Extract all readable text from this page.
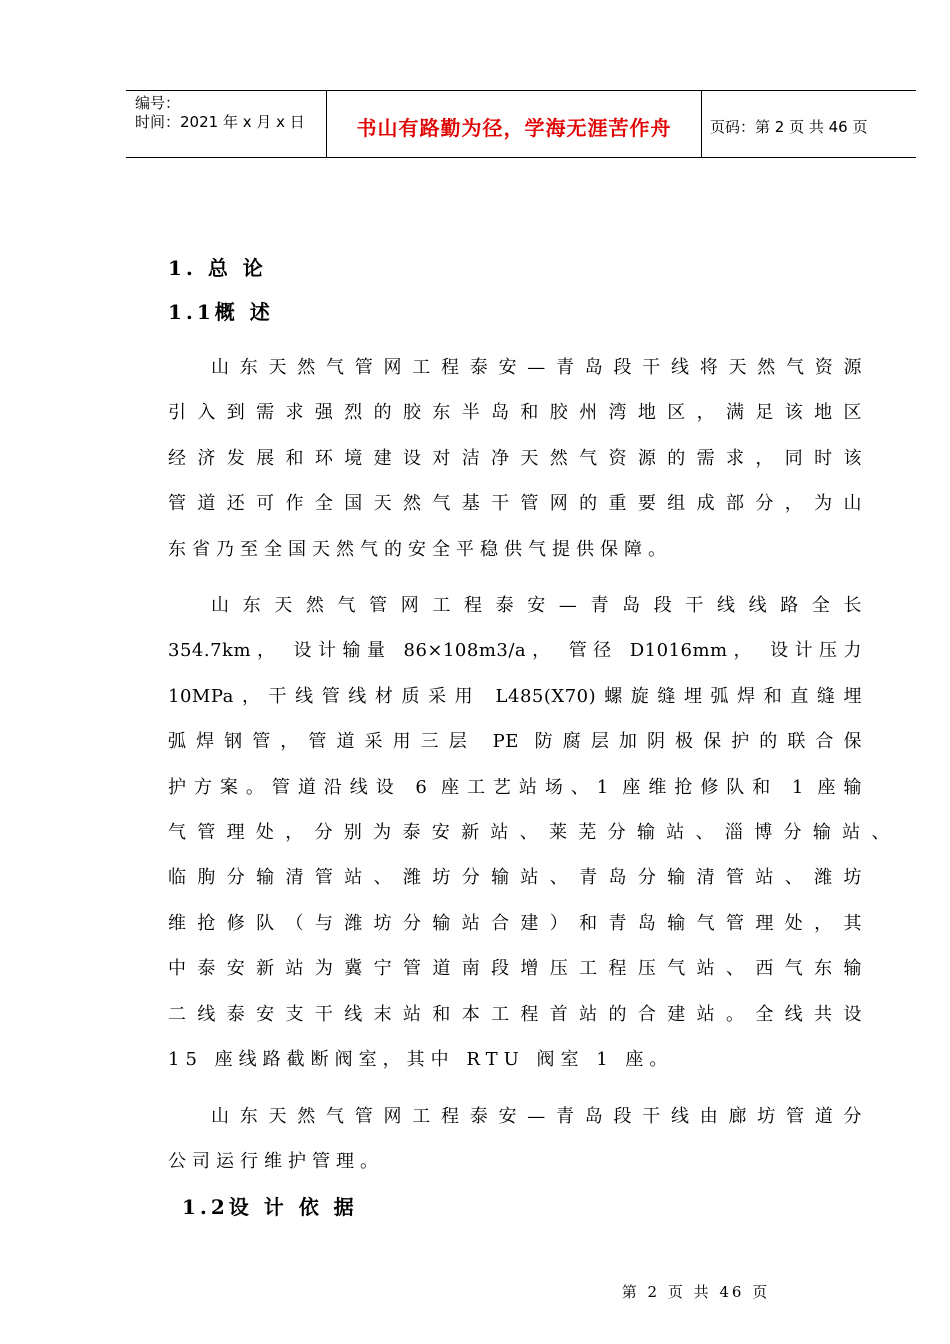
编号：
时间：2021 年 x 月 x 日	书山有路勤为径，学海无涯苦作舟	页码：第 2 页 共 46 页
1. 总 论
1.1概 述
山东天然气管网工程泰安—青岛段干线将天然气资源
引入到需求强烈的胶东半岛和胶州湾地区，满足该地区
经济发展和环境建设对洁净天然气资源的需求，同时该
管道还可作全国天然气基干管网的重要组成部分，为山
东省乃至全国天然气的安全平稳供气提供保障。
山东天然气管网工程泰安—青岛段干线线路全长
354.7km， 设计输量 86×108m3/a， 管径 D1016mm， 设计压力
10MPa，干线管线材质采用 L485(X70)螺旋缝埋弧焊和直缝埋
弧焊钢管，管道采用三层 PE 防腐层加阴极保护的联合保
护方案。管道沿线设 6 座工艺站场、1 座维抢修队和 1 座输
气管理处，分别为泰安新站、莱芜分输站、淄博分输站、
临朐分输清管站、潍坊分输站、青岛分输清管站、潍坊
维抢修队（与潍坊分输站合建）和青岛输气管理处，其
中泰安新站为冀宁管道南段增压工程压气站、西气东输
二线泰安支干线末站和本工程首站的合建站。全线共设
15 座线路截断阀室，其中 RTU 阀室 1 座。
山东天然气管网工程泰安—青岛段干线由廊坊管道分
公司运行维护管理。
1.2设 计 依 据
第 2 页 共 46 页
